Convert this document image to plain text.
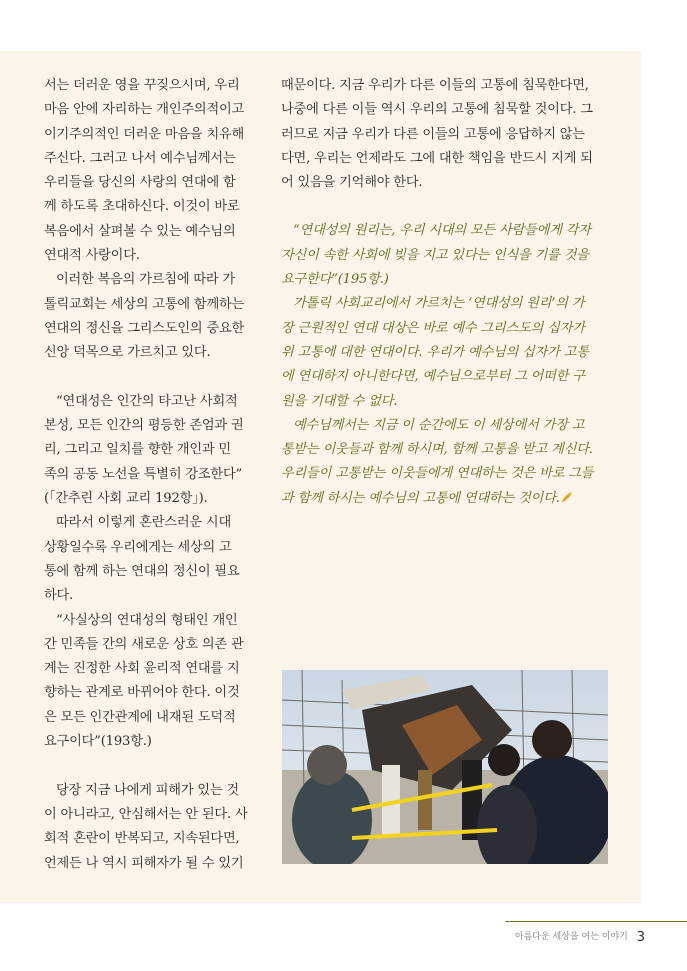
서는 더러운 영을 꾸짖으시며, 우리

마음 안에 자리하는 개인주의적이고

이기주의적인 더러운 마음을 치유해

주신다. 그러고 나서 예수님께서는

우리들을 당신의 사랑의 연대에 함

께 하도록 초대하신다. 이것이 바로

복음에서 살펴볼 수 있는 예수님의

연대적 사랑이다.

이러한 복음의 가르침에 따라 가

톨릭교회는 세상의 고통에 함께하는

연대의 정신을 그리스도인의 중요한

신앙 덕목으로 가르치고 있다.

“연대성은 인간의 타고난 사회적

본성, 모든 인간의 평등한 존엄과 권

리, 그리고 일치를 향한 개인과 민

족의 공동 노선을 특별히 강조한다”

(「간추린 사회 교리 192항」).

따라서 이렇게 혼란스러운 시대

상황일수록 우리에게는 세상의 고

통에 함께 하는 연대의 정신이 필요

하다.

“사실상의 연대성의 형태인 개인

간 민족들 간의 새로운 상호 의존 관

계는 진정한 사회 윤리적 연대를 지

향하는 관계로 바뀌어야 한다. 이것

은 모든 인간관계에 내재된 도덕적

요구이다”(193항.)

당장 지금 나에게 피해가 있는 것

이 아니라고, 안심해서는 안 된다. 사

회적 혼란이 반복되고, 지속된다면,

언제든 나 역시 피해자가 될 수 있기

때문이다. 지금 우리가 다른 이들의 고통에 침묵한다면,

나중에 다른 이들 역시 우리의 고통에 침묵할 것이다. 그

러므로 지금 우리가 다른 이들의 고통에 응답하지 않는

다면, 우리는 언제라도 그에 대한 책임을 반드시 지게 되

어 있음을 기억해야 한다.

“연대성의 원리는, 우리 시대의 모든 사람들에게 각자

자신이 속한 사회에 빚을 지고 있다는 인식을 기를 것을

요구한다”(195항.)

가톨릭 사회교리에서 가르치는 ‘연대성의 원리’의 가

장 근원적인 연대 대상은 바로 예수 그리스도의 십자가

위 고통에 대한 연대이다. 우리가 예수님의 십자가 고통

에 연대하지 아니한다면, 예수님으로부터 그 어떠한 구

원을 기대할 수 없다.

예수님께서는 지금 이 순간에도 이 세상에서 가장 고

통받는 이웃들과 함께 하시며, 함께 고통을 받고 계신다.

우리들이 고통받는 이웃들에게 연대하는 것은 바로 그들

과 함께 하시는 예수님의 고통에 연대하는 것이다.

아름다운 세상을 여는 이야기 3
